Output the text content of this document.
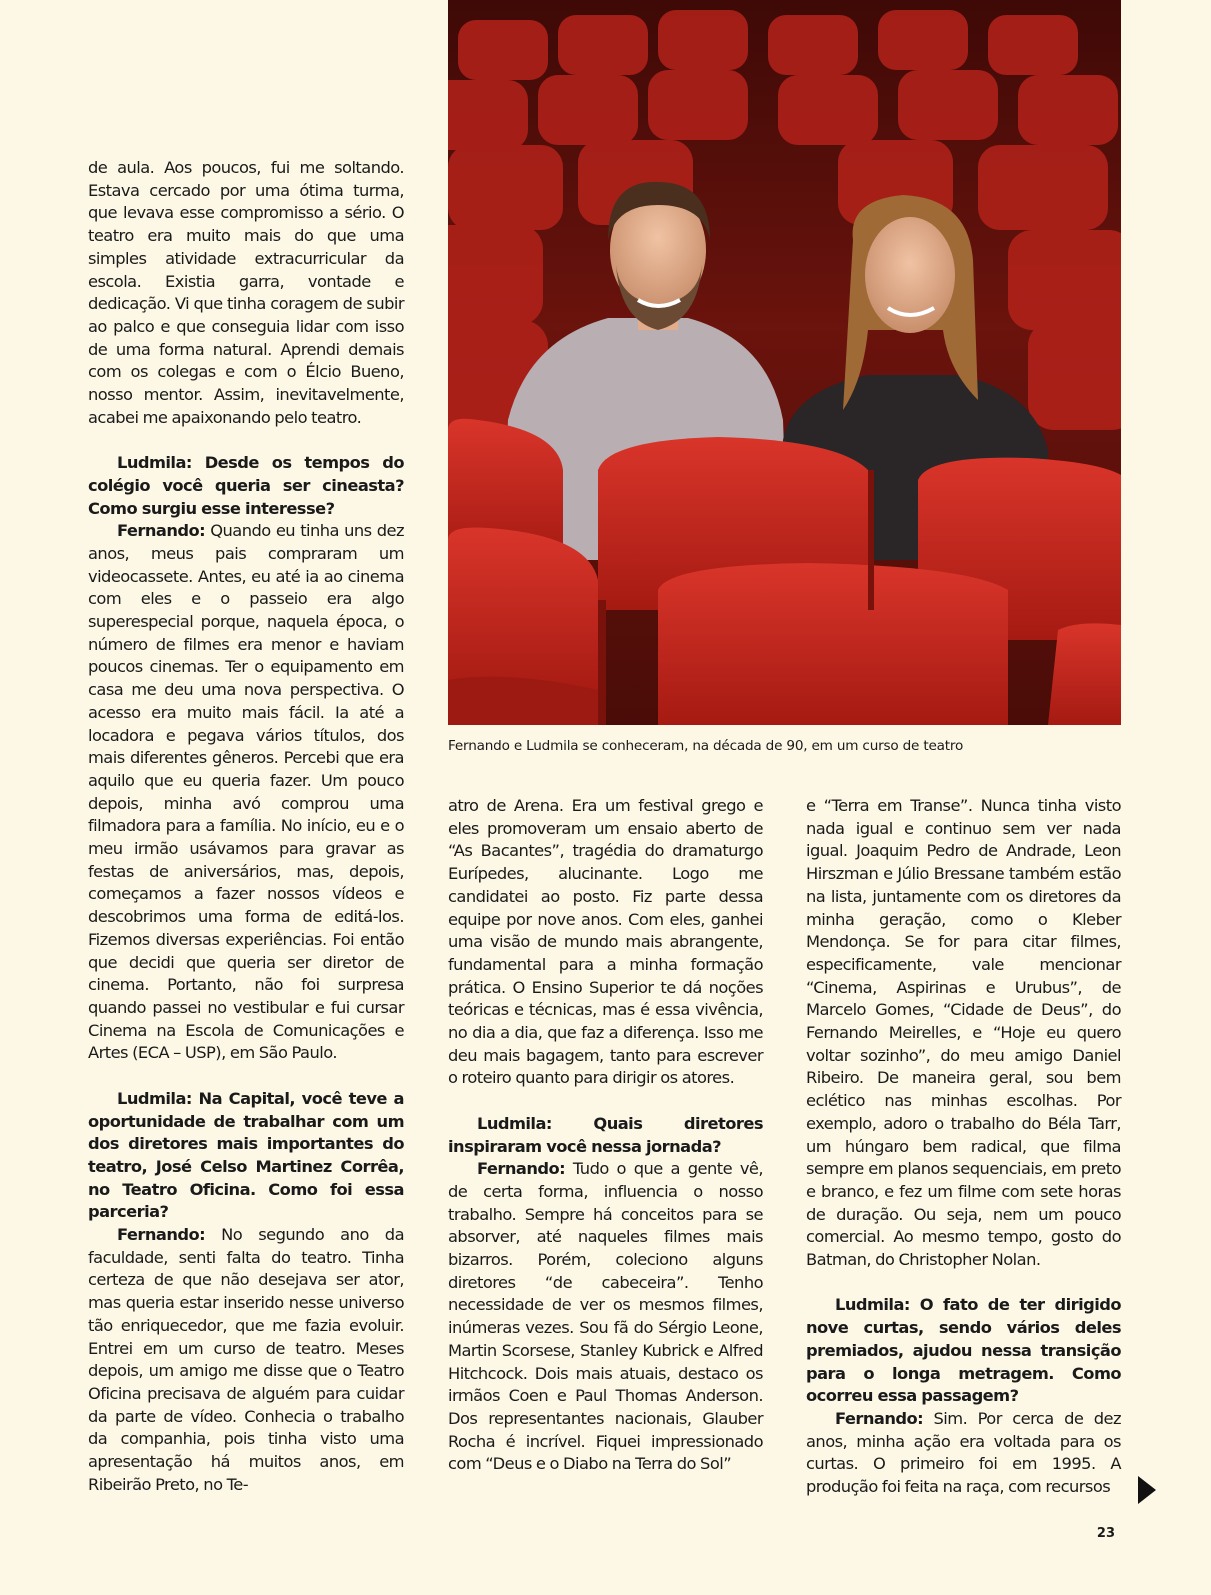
Fernando e Ludmila se conheceram, na década de 90, em um curso de teatro

de aula. Aos poucos, fui me soltando. Estava cercado por uma ótima turma, que levava esse compromisso a sério. O teatro era muito mais do que uma simples atividade extracurricular da escola. Existia garra, vontade e dedicação. Vi que tinha coragem de subir ao palco e que conseguia lidar com isso de uma forma natural. Aprendi demais com os colegas e com o Élcio Bueno, nosso mentor. Assim, inevitavelmente, acabei me apaixonando pelo teatro.

Ludmila: Desde os tempos do colégio você queria ser cineasta? Como surgiu esse interesse?

Fernando: Quando eu tinha uns dez anos, meus pais compraram um videocassete. Antes, eu até ia ao cinema com eles e o passeio era algo superespecial porque, naquela época, o número de filmes era menor e haviam poucos cinemas. Ter o equipamento em casa me deu uma nova perspectiva. O acesso era muito mais fácil. Ia até a locadora e pegava vários títulos, dos mais diferentes gêneros. Percebi que era aquilo que eu queria fazer. Um pouco depois, minha avó comprou uma filmadora para a família. No início, eu e o meu irmão usávamos para gravar as festas de aniversários, mas, depois, começamos a fazer nossos vídeos e descobrimos uma forma de editá-los. Fizemos diversas experiências. Foi então que decidi que queria ser diretor de cinema. Portanto, não foi surpresa quando passei no vestibular e fui cursar Cinema na Escola de Comunicações e Artes (ECA – USP), em São Paulo.

Ludmila: Na Capital, você teve a oportunidade de trabalhar com um dos diretores mais importantes do teatro, José Celso Martinez Corrêa, no Teatro Oficina. Como foi essa parceria?

Fernando: No segundo ano da faculdade, senti falta do teatro. Tinha certeza de que não desejava ser ator, mas queria estar inserido nesse universo tão enriquecedor, que me fazia evoluir. Entrei em um curso de teatro. Meses depois, um amigo me disse que o Teatro Oficina precisava de alguém para cuidar da parte de vídeo. Conhecia o trabalho da companhia, pois tinha visto uma apresentação há muitos anos, em Ribeirão Preto, no Te-

atro de Arena. Era um festival grego e eles promoveram um ensaio aberto de “As Bacantes”, tragédia do dramaturgo Eurípedes, alucinante. Logo me candidatei ao posto. Fiz parte dessa equipe por nove anos. Com eles, ganhei uma visão de mundo mais abrangente, fundamental para a minha formação prática. O Ensino Superior te dá noções teóricas e técnicas, mas é essa vivência, no dia a dia, que faz a diferença. Isso me deu mais bagagem, tanto para escrever o roteiro quanto para dirigir os atores.

Ludmila: Quais diretores inspiraram você nessa jornada?

Fernando: Tudo o que a gente vê, de certa forma, influencia o nosso trabalho. Sempre há conceitos para se absorver, até naqueles filmes mais bizarros. Porém, coleciono alguns diretores “de cabeceira”. Tenho necessidade de ver os mesmos filmes, inúmeras vezes. Sou fã do Sérgio Leone, Martin Scorsese, Stanley Kubrick e Alfred Hitchcock. Dois mais atuais, destaco os irmãos Coen e Paul Thomas Anderson. Dos representantes nacionais, Glauber Rocha é incrível. Fiquei impressionado com “Deus e o Diabo na Terra do Sol”

e “Terra em Transe”. Nunca tinha visto nada igual e continuo sem ver nada igual. Joaquim Pedro de Andrade, Leon Hirszman e Júlio Bressane também estão na lista, juntamente com os diretores da minha geração, como o Kleber Mendonça. Se for para citar filmes, especificamente, vale mencionar “Cinema, Aspirinas e Urubus”, de Marcelo Gomes, “Cidade de Deus”, do Fernando Meirelles, e “Hoje eu quero voltar sozinho”, do meu amigo Daniel Ribeiro. De maneira geral, sou bem eclético nas minhas escolhas. Por exemplo, adoro o trabalho do Béla Tarr, um húngaro bem radical, que filma sempre em planos sequenciais, em preto e branco, e fez um filme com sete horas de duração. Ou seja, nem um pouco comercial. Ao mesmo tempo, gosto do Batman, do Christopher Nolan.

Ludmila: O fato de ter dirigido nove curtas, sendo vários deles premiados, ajudou nessa transição para o longa metragem. Como ocorreu essa passagem?

Fernando: Sim. Por cerca de dez anos, minha ação era voltada para os curtas. O primeiro foi em 1995. A produção foi feita na raça, com recursos

23
